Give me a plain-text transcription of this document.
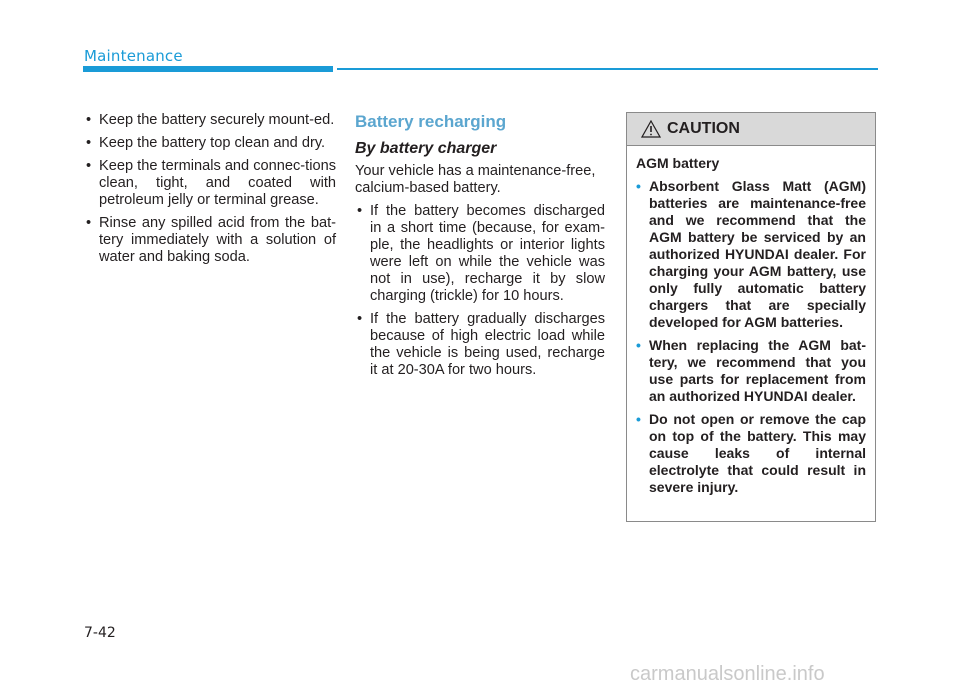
Maintenance
• Keep the battery securely mount-ed.
• Keep the battery top clean and dry.
• Keep the terminals and connec-tions clean, tight, and coated with petroleum jelly or terminal grease.
• Rinse any spilled acid from the bat-tery immediately with a solution of water and baking soda.
Battery recharging
By battery charger

Your vehicle has a maintenance-free, calcium-based battery.

• If the battery becomes discharged in a short time (because, for exam-ple, the headlights or interior lights were left on while the vehicle was not in use), recharge it by slow charging (trickle) for 10 hours.
• If the battery gradually discharges because of high electric load while the vehicle is being used, recharge it at 20-30A for two hours.
CAUTION

AGM battery

• Absorbent Glass Matt (AGM) batteries are maintenance-free and we recommend that the AGM battery be serviced by an authorized HYUNDAI dealer. For charging your AGM battery, use only fully automatic battery chargers that are specially developed for AGM batteries.
• When replacing the AGM bat-tery, we recommend that you use parts for replacement from an authorized HYUNDAI dealer.
• Do not open or remove the cap on top of the battery. This may cause leaks of internal electrolyte that could result in severe injury.
7-42
carmanualsonline.info
